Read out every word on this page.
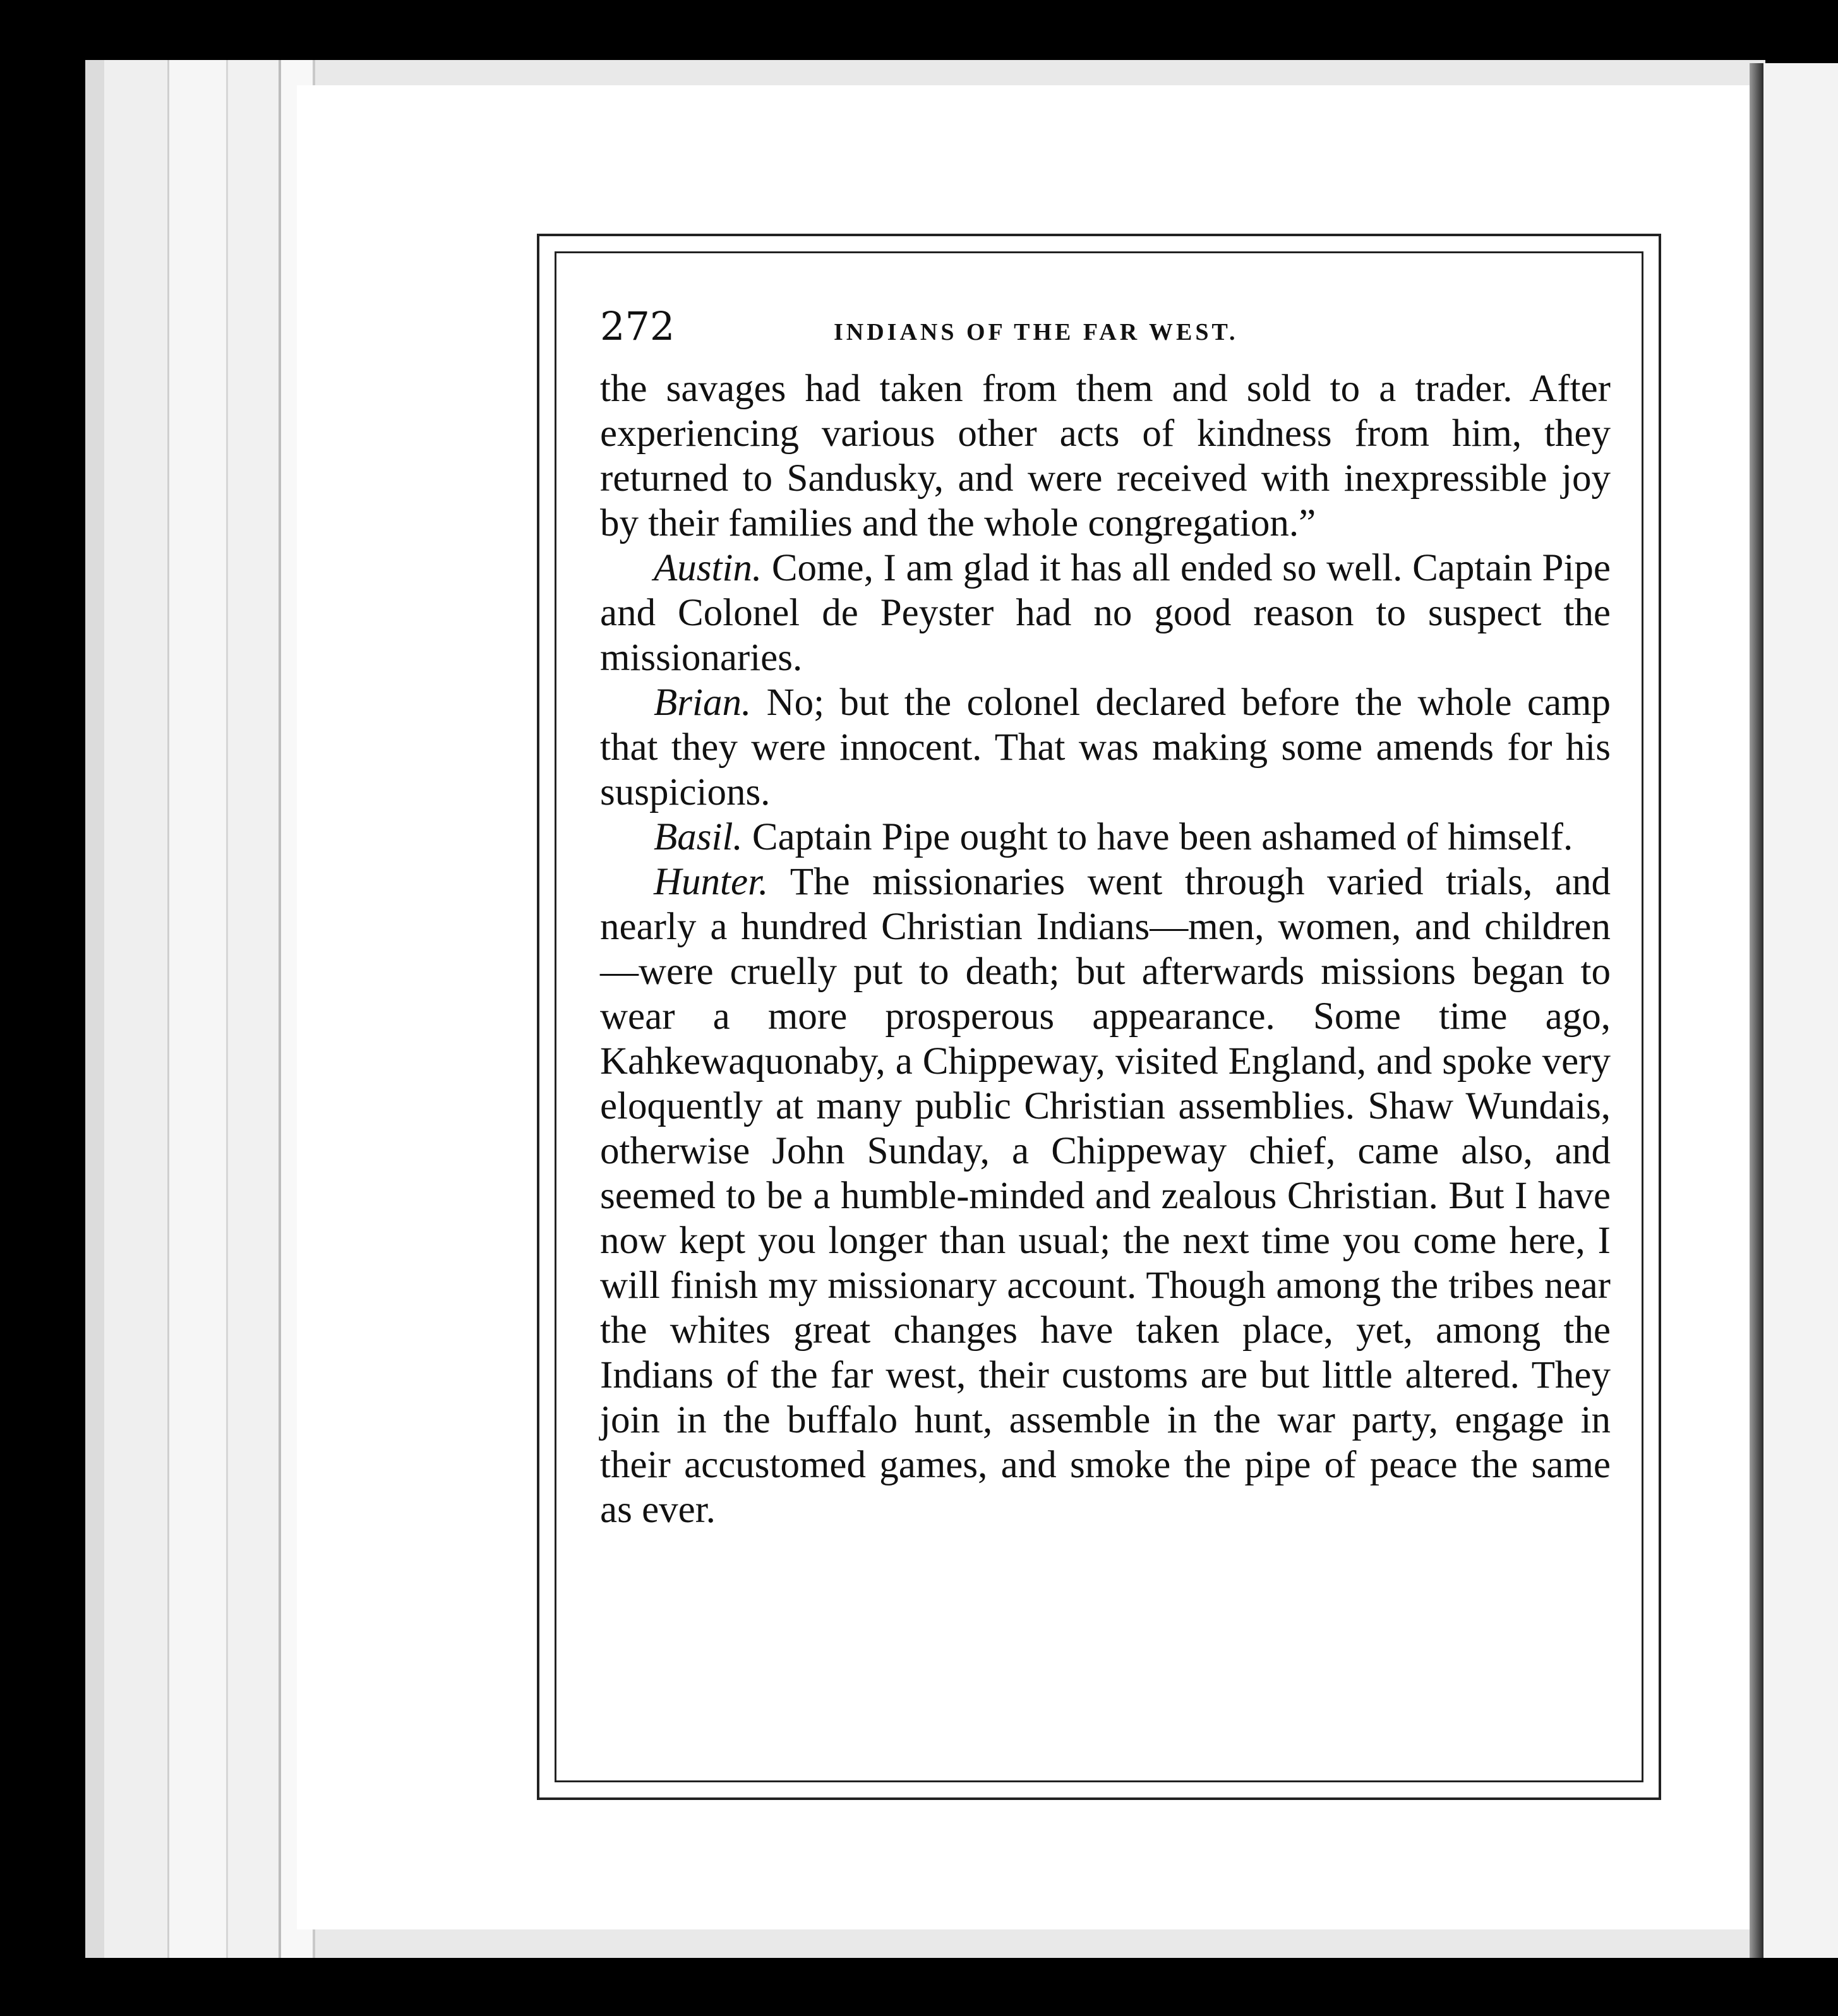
272	INDIANS OF THE FAR WEST.

the savages had taken from them and sold to a trader. After experiencing various other acts of kindness from him, they returned to Sandusky, and were received with inexpressible joy by their families and the whole congregation.”

Austin. Come, I am glad it has all ended so well. Captain Pipe and Colonel de Peyster had no good reason to suspect the missionaries.

Brian. No; but the colonel declared before the whole camp that they were innocent. That was making some amends for his suspicions.

Basil. Captain Pipe ought to have been ashamed of himself.

Hunter. The missionaries went through varied trials, and nearly a hundred Christian Indians—men, women, and children—were cruelly put to death; but afterwards missions began to wear a more prosperous appearance. Some time ago, Kahkewaquonaby, a Chippeway, visited England, and spoke very eloquently at many public Christian assemblies. Shaw Wundais, otherwise John Sunday, a Chippeway chief, came also, and seemed to be a humble-minded and zealous Christian. But I have now kept you longer than usual; the next time you come here, I will finish my missionary account. Though among the tribes near the whites great changes have taken place, yet, among the Indians of the far west, their customs are but little altered. They join in the buffalo hunt, assemble in the war party, engage in their accustomed games, and smoke the pipe of peace the same as ever.
